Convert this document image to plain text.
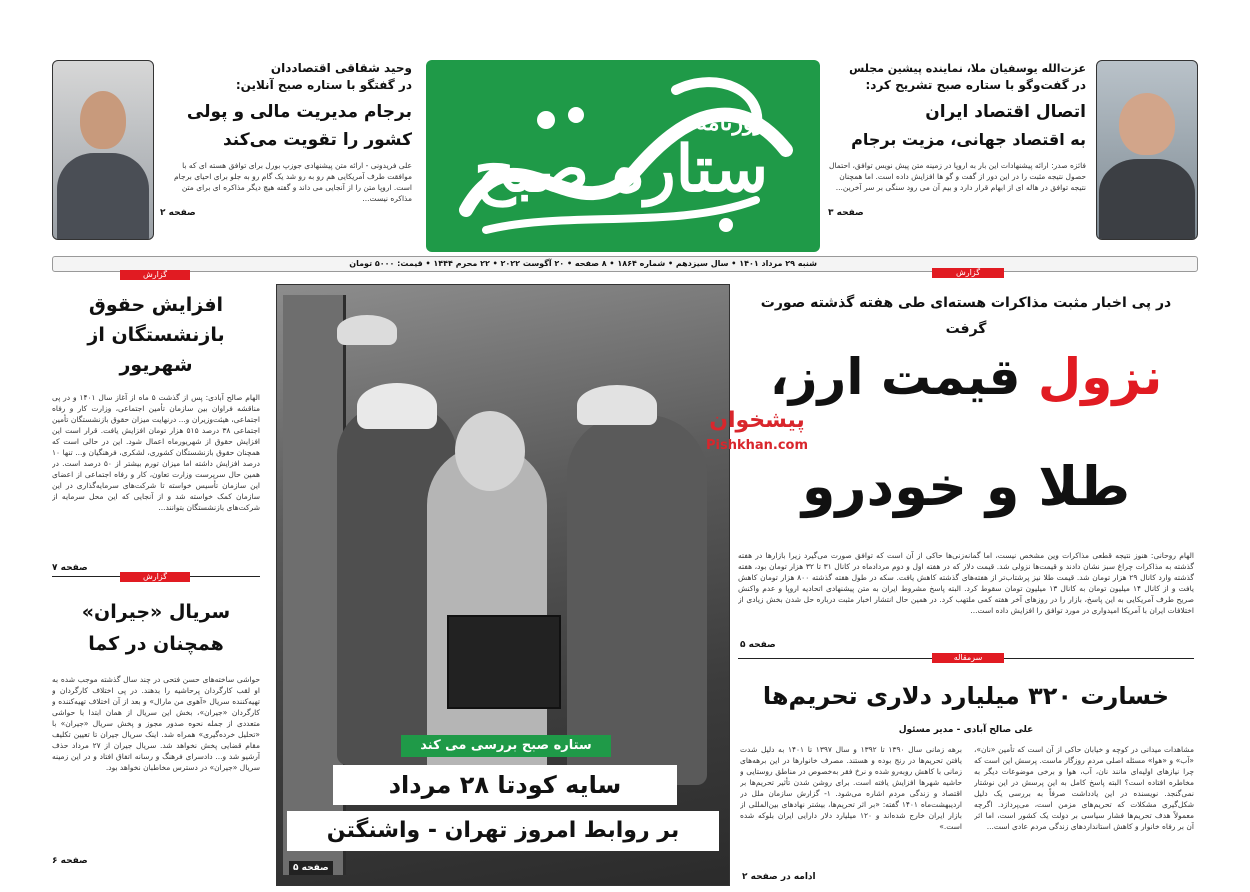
روزنامه
ستاره صبح
وحید شقاقی اقتصاددان
در گفتگو با ستاره صبح آنلاین:
برجام مدیریت مالی و پولی
کشور را تقویت می‌کند
علی فریدونی - ارائه متن پیشنهادی جوزپ بورل برای توافق هسته ای که با موافقت طرف آمریکایی هم رو به رو شد یک گام رو به جلو برای احیای برجام است. اروپا متن را از آنجایی می داند و گفته هیچ دیگر مذاکره ای برای متن مذاکره نیست...
صفحه ۲
عزت‌الله یوسفیان ملا، نماینده پیشین مجلس
در گفت‌وگو با ستاره صبح تشریح کرد:
اتصال اقتصاد ایران
به اقتصاد جهانی، مزیت برجام
فائزه صدر: ارائه پیشنهادات این بار به اروپا در زمینه متن پیش نویس توافق، احتمال حصول نتیجه مثبت را در این دور از گفت و گو ها افزایش داده است. اما همچنان نتیجه توافق در هاله ای از ابهام قرار دارد و بیم آن می رود سنگی بر سر آخرین...
صفحه ۳
شنبه ۲۹ مرداد ۱۴۰۱ • سال سیزدهم • شماره ۱۸۶۴ • ۸ صفحه • ۲۰ آگوست ۲۰۲۲ • ۲۲ محرم ۱۴۴۴ • قیمت: ۵۰۰۰ تومان
گزارش
افزایش حقوق
بازنشستگان از شهریور
الهام صالح آبادی: پس از گذشت ۵ ماه از آغاز سال ۱۴۰۱ و در پی مناقشه فراوان بین سازمان تأمین اجتماعی، وزارت کار و رفاه اجتماعی، هیئت‌وزیران و... درنهایت میزان حقوق بازنشستگان تأمین اجتماعی ۳۸ درصد ۵۱۵ هزار تومان افزایش یافت. قرار است این افزایش حقوق از شهریورماه اعمال شود. این در حالی است که همچنان حقوق بازنشستگان کشوری، لشکری، فرهنگیان و... تنها ۱۰ درصد افزایش داشته اما میزان تورم بیشتر از ۵۰ درصد است. در همین حال سرپرست وزارت تعاون، کار و رفاه اجتماعی از اعضای این سازمان تأسیس خواسته تا شرکت‌های سرمایه‌گذاری در این سازمان کمک خواسته شد و از آنجایی که این محل سرمایه از شرکت‌های بازنشستگان بتوانند...
صفحه ۷
گزارش
سریال «جیران»
همچنان در کما
حواشی ساخته‌های حسن فتحی در چند سال گذشته موجب شده به او لقب کارگردان پرحاشیه را بدهند. در پی اختلاف کارگردان و تهیه‌کننده سریال «آهوی من مارال» و بعد از آن اختلاف تهیه‌کننده و کارگردان «جیران»، بخش این سریال از همان ابتدا با حواشی متعددی از جمله نحوه صدور مجوز و پخش سریال «جیران» با «تحلیل خرده‌گیری» همراه شد. اینک سریال جیران تا تعیین تکلیف مقام قضایی پخش نخواهد شد. سریال جیران از ۲۷ مرداد حذف آرشیو شد و... دادسرای فرهنگ و رسانه اتفاق افتاد و در این زمینه سریال «جیران» در دسترس مخاطبان نخواهد بود.
صفحه ۶
ستاره صبح بررسی می کند
سایه کودتا ۲۸ مرداد
بر روابط امروز تهران - واشنگتن
صفحه ۵
گزارش
در پی اخبار مثبت مذاکرات هسته‌ای طی هفته گذشته صورت گرفت
نزول قیمت ارز،
طلا و خودرو
پیشخوان
Pishkhan.com
الهام روحانی: هنوز نتیجه قطعی مذاکرات وین مشخص نیست، اما گمانه‌زنی‌ها حاکی از آن است که توافق صورت می‌گیرد زیرا بازارها در هفته گذشته به مذاکرات چراغ سبز نشان دادند و قیمت‌ها نزولی شد. قیمت دلار که در هفته اول و دوم مردادماه در کانال ۳۱ تا ۳۲ هزار تومان بود، هفته گذشته وارد کانال ۲۹ هزار تومان شد. قیمت طلا نیز پرشتاب‌تر از هفته‌های گذشته کاهش یافت. سکه در طول هفته گذشته ۸۰۰ هزار تومان کاهش یافت و از کانال ۱۴ میلیون تومان به کانال ۱۳ میلیون تومان سقوط کرد. البته پاسخ مشروط ایران به متن پیشنهادی اتحادیه اروپا و عدم واکنش صریح طرف آمریکایی به این پاسخ، بازار را در روزهای آخر هفته کمی ملتهب کرد. در همین حال انتشار اخبار مثبت درباره حل شدن بخش زیادی از اختلافات ایران با آمریکا امیدواری در مورد توافق را افزایش داده است...
صفحه ۵
سرمقاله
خسارت ۳۲۰ میلیارد دلاری تحریم‌ها
علی صالح آبادی - مدیر مسئول
مشاهدات میدانی در کوچه و خیابان حاکی از آن است که تأمین «نان»، «آب» و «هوا» مسئله اصلی مردم روزگار ماست. پرسش این است که چرا نیازهای اولیه‌ای مانند نان، آب، هوا و برخی موضوعات دیگر به مخاطره افتاده است؟ البته پاسخ کامل به این پرسش در این نوشتار نمی‌گنجد. نویسنده در این یادداشت صرفاً به بررسی یک دلیل شکل‌گیری مشکلات که تحریم‌های مزمن است، می‌پردازد. اگرچه معمولاً هدف تحریم‌ها فشار سیاسی بر دولت یک کشور است، اما اثر آن بر رفاه خانوار و کاهش استانداردهای زندگی مردم عادی است...
برهه زمانی سال ۱۳۹۰ تا ۱۳۹۲ و سال ۱۳۹۷ تا ۱۴۰۱ به دلیل شدت یافتن تحریم‌ها در رنج بوده و هستند. مصرف خانوارها در این برهه‌های زمانی با کاهش روبه‌رو شده و نرخ فقر به‌خصوص در مناطق روستایی و حاشیه شهرها افزایش یافته است. برای روشن شدن تأثیر تحریم‌ها بر اقتصاد و زندگی مردم اشاره می‌شود. ۱- گزارش سازمان ملل در اردیبهشت‌ماه ۱۴۰۱ گفته: «بر اثر تحریم‌ها، بیشتر نهادهای بین‌المللی از بازار ایران خارج شده‌اند و ۱۲۰ میلیارد دلار دارایی ایران بلوکه شده است.»
ادامه در صفحه ۲
